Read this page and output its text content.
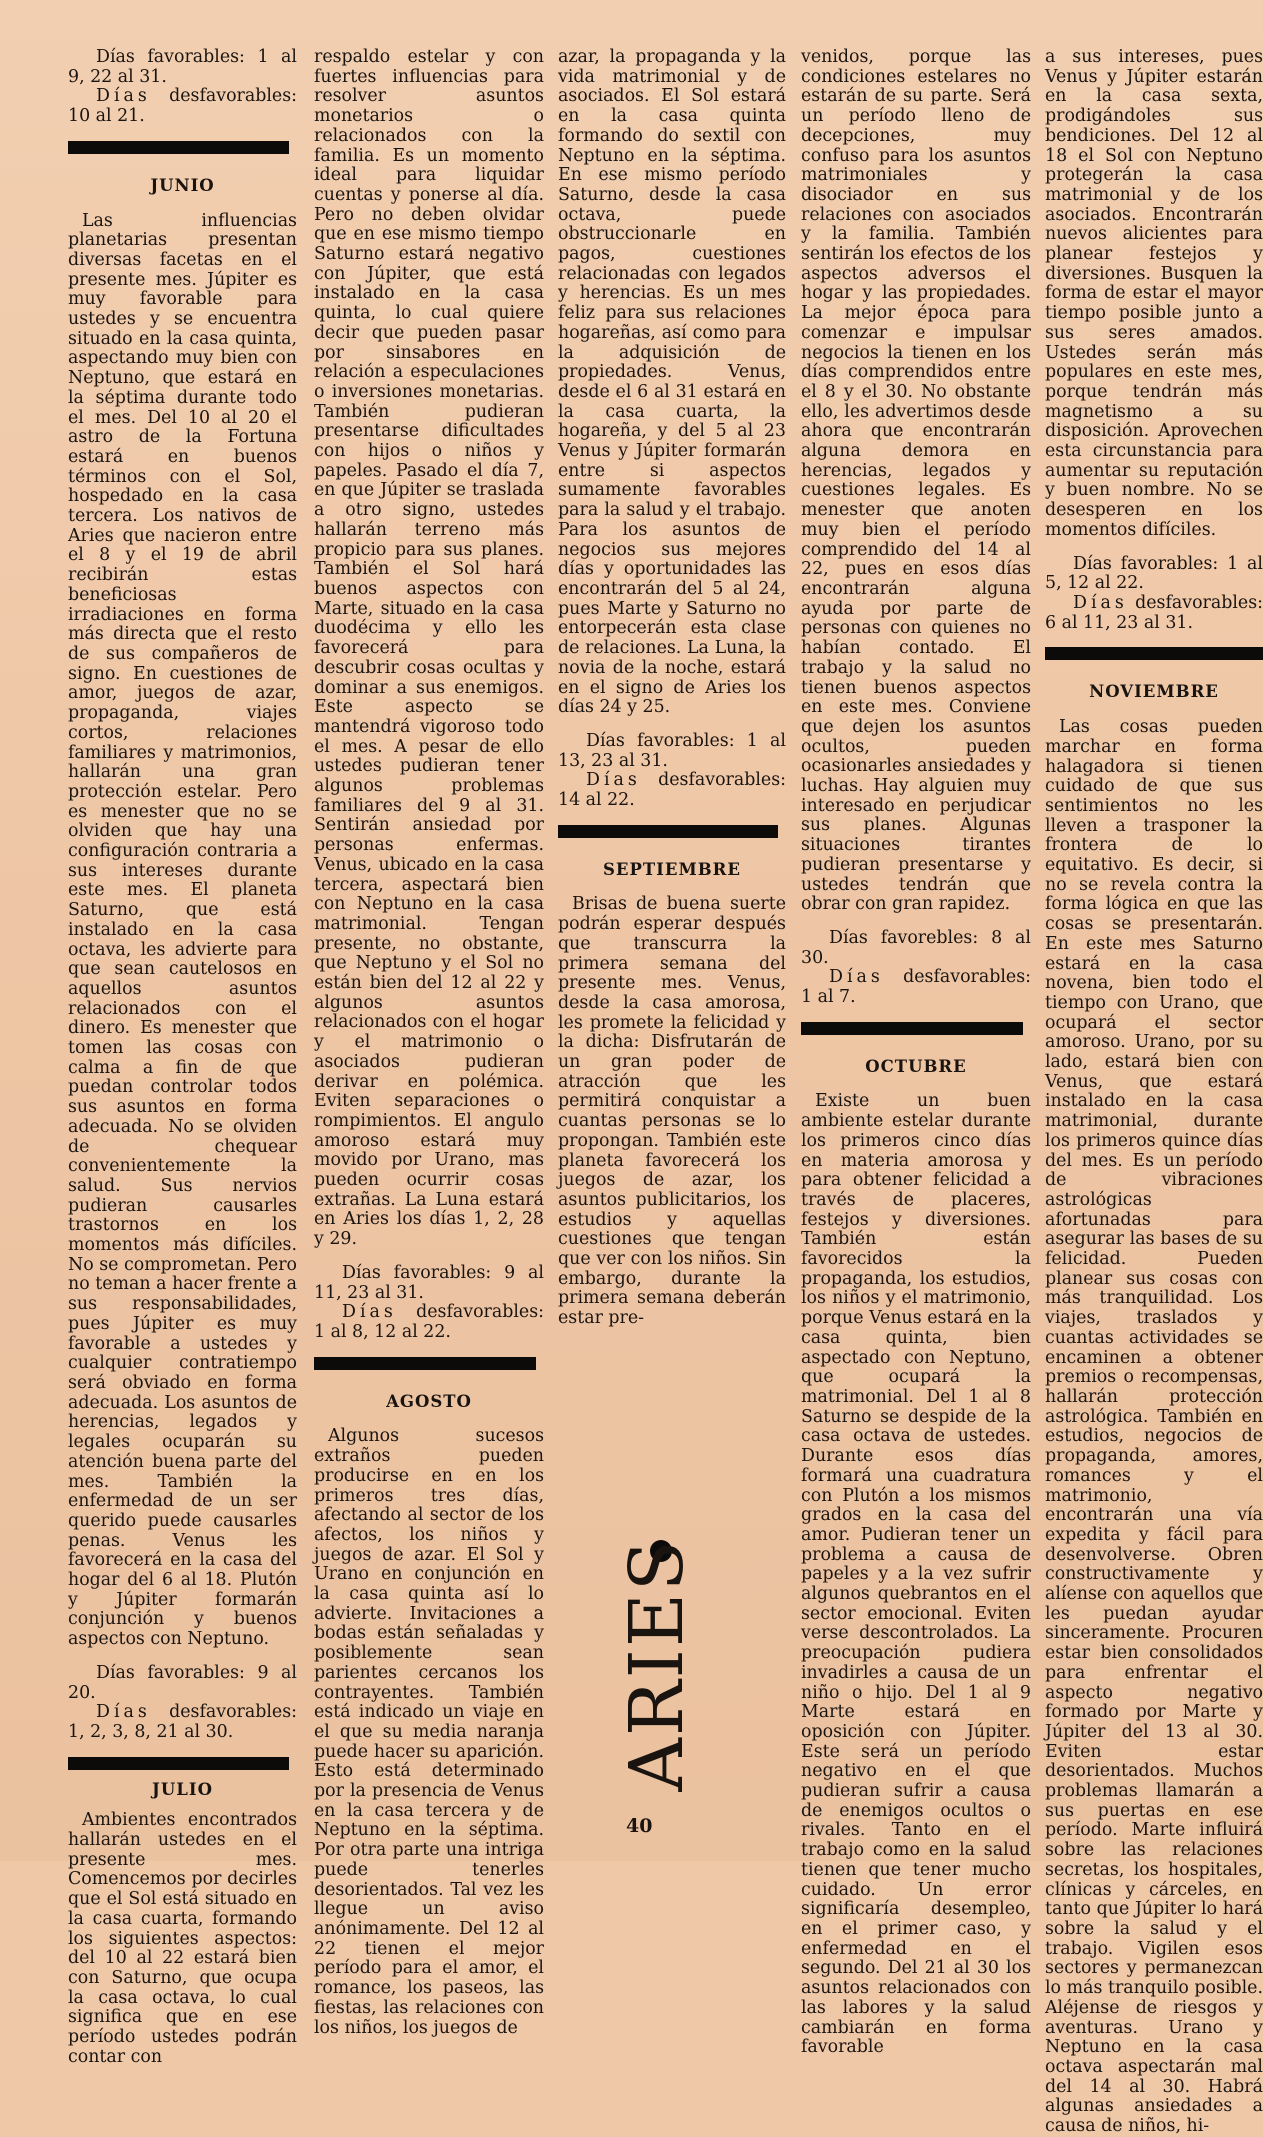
Días favorables: 1 al 9, 22 al 31.

Días desfavorables: 10 al 21.

JUNIO

Las influencias planetarias presentan diversas facetas en el presente mes. Júpiter es muy favorable para ustedes y se encuentra situado en la casa quinta, aspectando muy bien con Neptuno, que estará en la séptima durante todo el mes. Del 10 al 20 el astro de la Fortuna estará en buenos términos con el Sol, hospedado en la casa tercera. Los nativos de Aries que nacieron entre el 8 y el 19 de abril recibirán estas beneficiosas irradiaciones en forma más directa que el resto de sus compañeros de signo. En cuestiones de amor, juegos de azar, propaganda, viajes cortos, relaciones familiares y matrimonios, hallarán una gran protección estelar. Pero es menester que no se olviden que hay una configuración contraria a sus intereses durante este mes. El planeta Saturno, que está instalado en la casa octava, les advierte para que sean cautelosos en aquellos asuntos relacionados con el dinero. Es menester que tomen las cosas con calma a fin de que puedan controlar todos sus asuntos en forma adecuada. No se olviden de chequear convenientemente la salud. Sus nervios pudieran causarles trastornos en los momentos más difíciles. No se comprometan. Pero no teman a hacer frente a sus responsabilidades, pues Júpiter es muy favorable a ustedes y cualquier contratiempo será obviado en forma adecuada. Los asuntos de herencias, legados y legales ocuparán su atención buena parte del mes. También la enfermedad de un ser querido puede causarles penas. Venus les favorecerá en la casa del hogar del 6 al 18. Plutón y Júpiter formarán conjunción y buenos aspectos con Neptuno.

Días favorables: 9 al 20.

Días desfavorables: 1, 2, 3, 8, 21 al 30.

JULIO

Ambientes encontrados hallarán ustedes en el presente mes. Comencemos por decirles que el Sol está situado en la casa cuarta, formando los siguientes aspectos: del 10 al 22 estará bien con Saturno, que ocupa la casa octava, lo cual significa que en ese período ustedes podrán contar con

respaldo estelar y con fuertes influencias para resolver asuntos monetarios o relacionados con la familia. Es un momento ideal para liquidar cuentas y ponerse al día. Pero no deben olvidar que en ese mismo tiempo Saturno estará negativo con Júpiter, que está instalado en la casa quinta, lo cual quiere decir que pueden pasar por sinsabores en relación a especulaciones o inversiones monetarias. También pudieran presentarse dificultades con hijos o niños y papeles. Pasado el día 7, en que Júpiter se traslada a otro signo, ustedes hallarán terreno más propicio para sus planes. También el Sol hará buenos aspectos con Marte, situado en la casa duodécima y ello les favorecerá para descubrir cosas ocultas y dominar a sus enemigos. Este aspecto se mantendrá vigoroso todo el mes. A pesar de ello ustedes pudieran tener algunos problemas familiares del 9 al 31. Sentirán ansiedad por personas enfermas. Venus, ubicado en la casa tercera, aspectará bien con Neptuno en la casa matrimonial. Tengan presente, no obstante, que Neptuno y el Sol no están bien del 12 al 22 y algunos asuntos relacionados con el hogar y el matrimonio o asociados pudieran derivar en polémica. Eviten separaciones o rompimientos. El angulo amoroso estará muy movido por Urano, mas pueden ocurrir cosas extrañas. La Luna estará en Aries los días 1, 2, 28 y 29.

Días favorables: 9 al 11, 23 al 31.

Días desfavorables: 1 al 8, 12 al 22.

AGOSTO

Algunos sucesos extraños pueden producirse en en los primeros tres días, afectando al sector de los afectos, los niños y juegos de azar. El Sol y Urano en conjunción en la casa quinta así lo advierte. Invitaciones a bodas están señaladas y posiblemente sean parientes cercanos los contrayentes. También está indicado un viaje en el que su media naranja puede hacer su aparición. Esto está determinado por la presencia de Venus en la casa tercera y de Neptuno en la séptima. Por otra parte una intriga puede tenerles desorientados. Tal vez les llegue un aviso anónimamente. Del 12 al 22 tienen el mejor período para el amor, el romance, los paseos, las fiestas, las relaciones con los niños, los juegos de

azar, la propaganda y la vida matrimonial y de asociados. El Sol estará en la casa quinta formando do sextil con Neptuno en la séptima. En ese mismo período Saturno, desde la casa octava, puede obstruccionarle en pagos, cuestiones relacionadas con legados y herencias. Es un mes feliz para sus relaciones hogareñas, así como para la adquisición de propiedades. Venus, desde el 6 al 31 estará en la casa cuarta, la hogareña, y del 5 al 23 Venus y Júpiter formarán entre si aspectos sumamente favorables para la salud y el trabajo. Para los asuntos de negocios sus mejores días y oportunidades las encontrarán del 5 al 24, pues Marte y Saturno no entorpecerán esta clase de relaciones. La Luna, la novia de la noche, estará en el signo de Aries los días 24 y 25.

Días favorables: 1 al 13, 23 al 31.

Días desfavorables: 14 al 22.

SEPTIEMBRE

Brisas de buena suerte podrán esperar después que transcurra la primera semana del presente mes. Venus, desde la casa amorosa, les promete la felicidad y la dicha: Disfrutarán de un gran poder de atracción que les permitirá conquistar a cuantas personas se lo propongan. También este planeta favorecerá los juegos de azar, los asuntos publicitarios, los estudios y aquellas cuestiones que tengan que ver con los niños. Sin embargo, durante la primera semana deberán estar pre-

ARIES

venidos, porque las condiciones estelares no estarán de su parte. Será un período lleno de decepciones, muy confuso para los asuntos matrimoniales y disociador en sus relaciones con asociados y la familia. También sentirán los efectos de los aspectos adversos el hogar y las propiedades. La mejor época para comenzar e impulsar negocios la tienen en los días comprendidos entre el 8 y el 30. No obstante ello, les advertimos desde ahora que encontrarán alguna demora en herencias, legados y cuestiones legales. Es menester que anoten muy bien el período comprendido del 14 al 22, pues en esos días encontrarán alguna ayuda por parte de personas con quienes no habían contado. El trabajo y la salud no tienen buenos aspectos en este mes. Conviene que dejen los asuntos ocultos, pueden ocasionarles ansiedades y luchas. Hay alguien muy interesado en perjudicar sus planes. Algunas situaciones tirantes pudieran presentarse y ustedes tendrán que obrar con gran rapidez.

Días favorebles: 8 al 30.

Días desfavorables: 1 al 7.

OCTUBRE

Existe un buen ambiente estelar durante los primeros cinco días en materia amorosa y para obtener felicidad a través de placeres, festejos y diversiones. También están favorecidos la propaganda, los estudios, los niños y el matrimonio, porque Venus estará en la casa quinta, bien aspectado con Neptuno, que ocupará la matrimonial. Del 1 al 8 Saturno se despide de la casa octava de ustedes. Durante esos días formará una cuadratura con Plutón a los mismos grados en la casa del amor. Pudieran tener un problema a causa de papeles y a la vez sufrir algunos quebrantos en el sector emocional. Eviten verse descontrolados. La preocupación pudiera invadirles a causa de un niño o hijo. Del 1 al 9 Marte estará en oposición con Júpiter. Este será un período negativo en el que pudieran sufrir a causa de enemigos ocultos o rivales. Tanto en el trabajo como en la salud tienen que tener mucho cuidado. Un error significaría desempleo, en el primer caso, y enfermedad en el segundo. Del 21 al 30 los asuntos relacionados con las labores y la salud cambiarán en forma favorable

a sus intereses, pues Venus y Júpiter estarán en la casa sexta, prodigándoles sus bendiciones. Del 12 al 18 el Sol con Neptuno protegerán la casa matrimonial y de los asociados. Encontrarán nuevos alicientes para planear festejos y diversiones. Busquen la forma de estar el mayor tiempo posible junto a sus seres amados. Ustedes serán más populares en este mes, porque tendrán más magnetismo a su disposición. Aprovechen esta circunstancia para aumentar su reputación y buen nombre. No se desesperen en los momentos difíciles.

Días favorables: 1 al 5, 12 al 22.

Días desfavorables: 6 al 11, 23 al 31.

NOVIEMBRE

Las cosas pueden marchar en forma halagadora si tienen cuidado de que sus sentimientos no les lleven a trasponer la frontera de lo equitativo. Es decir, si no se revela contra la forma lógica en que las cosas se presentarán. En este mes Saturno estará en la casa novena, bien todo el tiempo con Urano, que ocupará el sector amoroso. Urano, por su lado, estará bien con Venus, que estará instalado en la casa matrimonial, durante los primeros quince días del mes. Es un período de vibraciones astrológicas afortunadas para asegurar las bases de su felicidad. Pueden planear sus cosas con más tranquilidad. Los viajes, traslados y cuantas actividades se encaminen a obtener premios o recompensas, hallarán protección astrológica. También en estudios, negocios de propaganda, amores, romances y el matrimonio, encontrarán una vía expedita y fácil para desenvolverse. Obren constructivamente y alíense con aquellos que les puedan ayudar sinceramente. Procuren estar bien consolidados para enfrentar el aspecto negativo formado por Marte y Júpiter del 13 al 30. Eviten estar desorientados. Muchos problemas llamarán a sus puertas en ese período. Marte influirá sobre las relaciones secretas, los hospitales, clínicas y cárceles, en tanto que Júpiter lo hará sobre la salud y el trabajo. Vigilen esos sectores y permanezcan lo más tranquilo posible. Aléjense de riesgos y aventuras. Urano y Neptuno en la casa octava aspectarán mal del 14 al 30. Habrá algunas ansiedades a causa de niños, hi-

40
